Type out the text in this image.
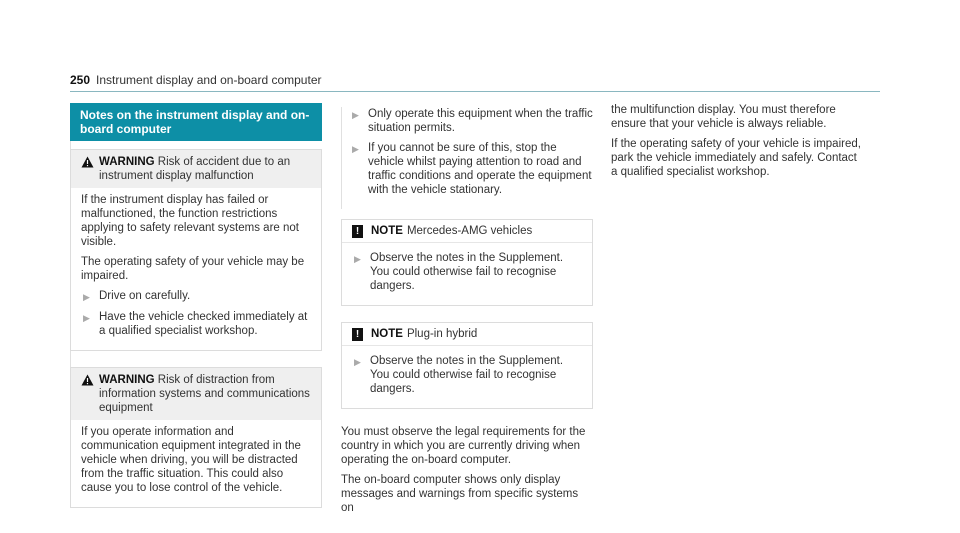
250 Instrument display and on-board computer
Notes on the instrument display and on-board computer
WARNING Risk of accident due to an instrument display malfunction

If the instrument display has failed or malfunctioned, the function restrictions applying to safety relevant systems are not visible.

The operating safety of your vehicle may be impaired.

▶ Drive on carefully.
▶ Have the vehicle checked immediately at a qualified specialist workshop.
WARNING Risk of distraction from information systems and communications equipment

If you operate information and communication equipment integrated in the vehicle when driving, you will be distracted from the traffic situation. This could also cause you to lose control of the vehicle.

▶ Only operate this equipment when the traffic situation permits.
▶ If you cannot be sure of this, stop the vehicle whilst paying attention to road and traffic conditions and operate the equipment with the vehicle stationary.
!	NOTE Mercedes-AMG vehicles
▶ Observe the notes in the Supplement. You could otherwise fail to recognise dangers.
!	NOTE Plug-in hybrid
▶ Observe the notes in the Supplement. You could otherwise fail to recognise dangers.

You must observe the legal requirements for the country in which you are currently driving when operating the on-board computer.

The on-board computer shows only display messages and warnings from specific systems on

the multifunction display. You must therefore ensure that your vehicle is always reliable.

If the operating safety of your vehicle is impaired, park the vehicle immediately and safely. Contact a qualified specialist workshop.
